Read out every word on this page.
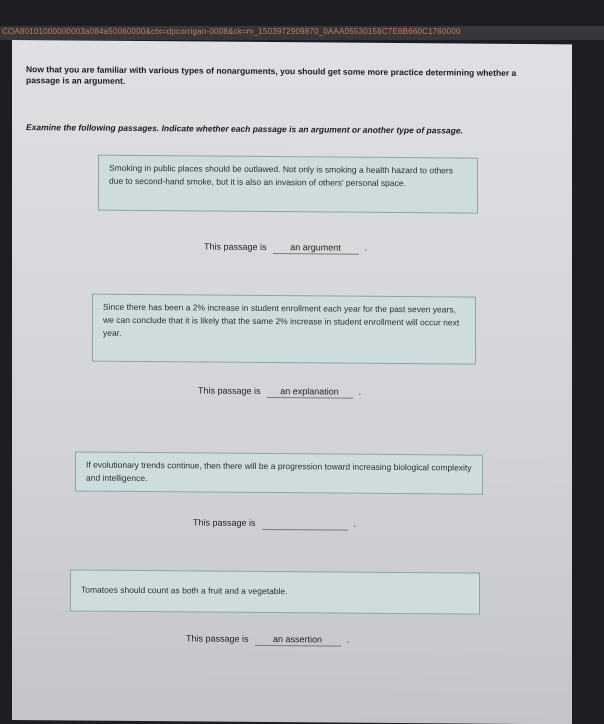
COA80101000000003a084a50060000&ctx=dpcorrigan-0008&ck=m_1503972909870_0AAA05530156C7E6B660C1760000
Now that you are familiar with various types of nonarguments, you should get some more practice determining whether a passage is an argument.
Examine the following passages. Indicate whether each passage is an argument or another type of passage.
Smoking in public places should be outlawed. Not only is smoking a health hazard to others due to second-hand smoke, but it is also an invasion of others' personal space.
This passage is	an argument	.
Since there has been a 2% increase in student enrollment each year for the past seven years, we can conclude that it is likely that the same 2% increase in student enrollment will occur next year.
This passage is an explanation .
If evolutionary trends continue, then there will be a progression toward increasing biological complexity and intelligence.
This passage is	.
Tomatoes should count as both a fruit and a vegetable.
This passage is	an assertion	.
